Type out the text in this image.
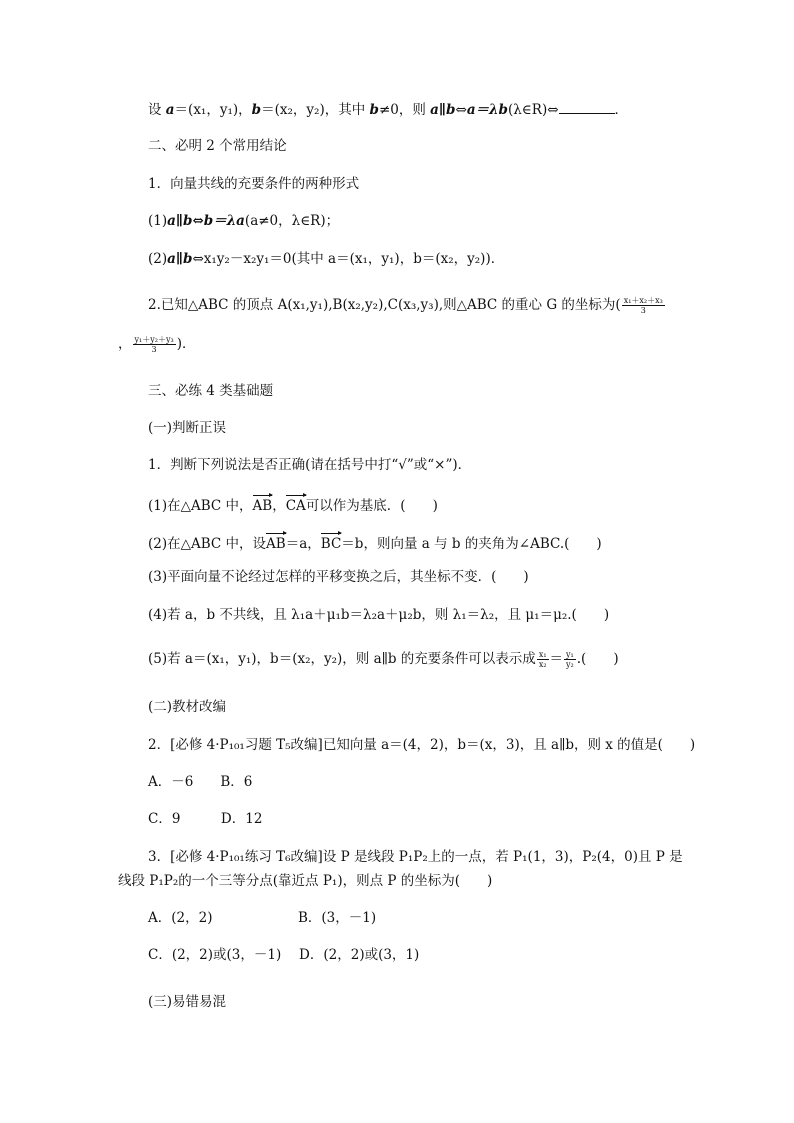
设 a＝(x₁，y₁)，b＝(x₂，y₂)，其中 b≠0，则 a∥b⇔a＝λb(λ∈R)⇔	．
二、必明 2 个常用结论
1．向量共线的充要条件的两种形式
(1)a∥b⇔b＝λa(a≠0，λ∈R)；
(2)a∥b⇔x₁y₂－x₂y₁＝0(其中 a＝(x₁，y₁)，b＝(x₂，y₂))．
2.已知△ABC 的顶点 A(x₁,y₁),B(x₂,y₂),C(x₃,y₃),则△ABC 的重心 G 的坐标为( $\frac{\text{x₁＋x₂＋x₃}}{3}$
， $\frac{\text{y₁＋y₂＋y₃}}{3}$ )．
三、必练 4 类基础题
(一)判断正误
1．判断下列说法是否正确(请在括号中打“√”或“×”)．
(1)在△ABC 中，AB，CA可以作为基底．(　　)
(2)在△ABC 中，设AB＝a，BC＝b，则向量 a 与 b 的夹角为∠ABC.(　　)
(3)平面向量不论经过怎样的平移变换之后，其坐标不变．(　　)
(4)若 a，b 不共线，且 λ₁a＋μ₁b＝λ₂a＋μ₂b，则 λ₁＝λ₂，且 μ₁＝μ₂.(　　)
(5)若 a＝(x₁，y₁)，b＝(x₂，y₂)，则 a∥b 的充要条件可以表示成 $\frac{\text{x₁}}{\text{x₂}} = \frac{\text{y₁}}{\text{y₂}}$ .(　　)
(二)教材改编
2．[必修 4·P₁₀₁习题 T₅改编]已知向量 a＝(4，2)，b＝(x，3)，且 a∥b，则 x 的值是(　　)
A．－6　　B．6
C．9　　　D．12
3．[必修 4·P₁₀₁练习 T₆改编]设 P 是线段 P₁P₂上的一点，若 P₁(1，3)，P₂(4，0)且 P 是
线段 P₁P₂的一个三等分点(靠近点 P₁)，则点 P 的坐标为(　　)
A．(2，2)	B．(3，－1)
C．(2，2)或(3，－1)　 D．(2，2)或(3，1)
(三)易错易混
